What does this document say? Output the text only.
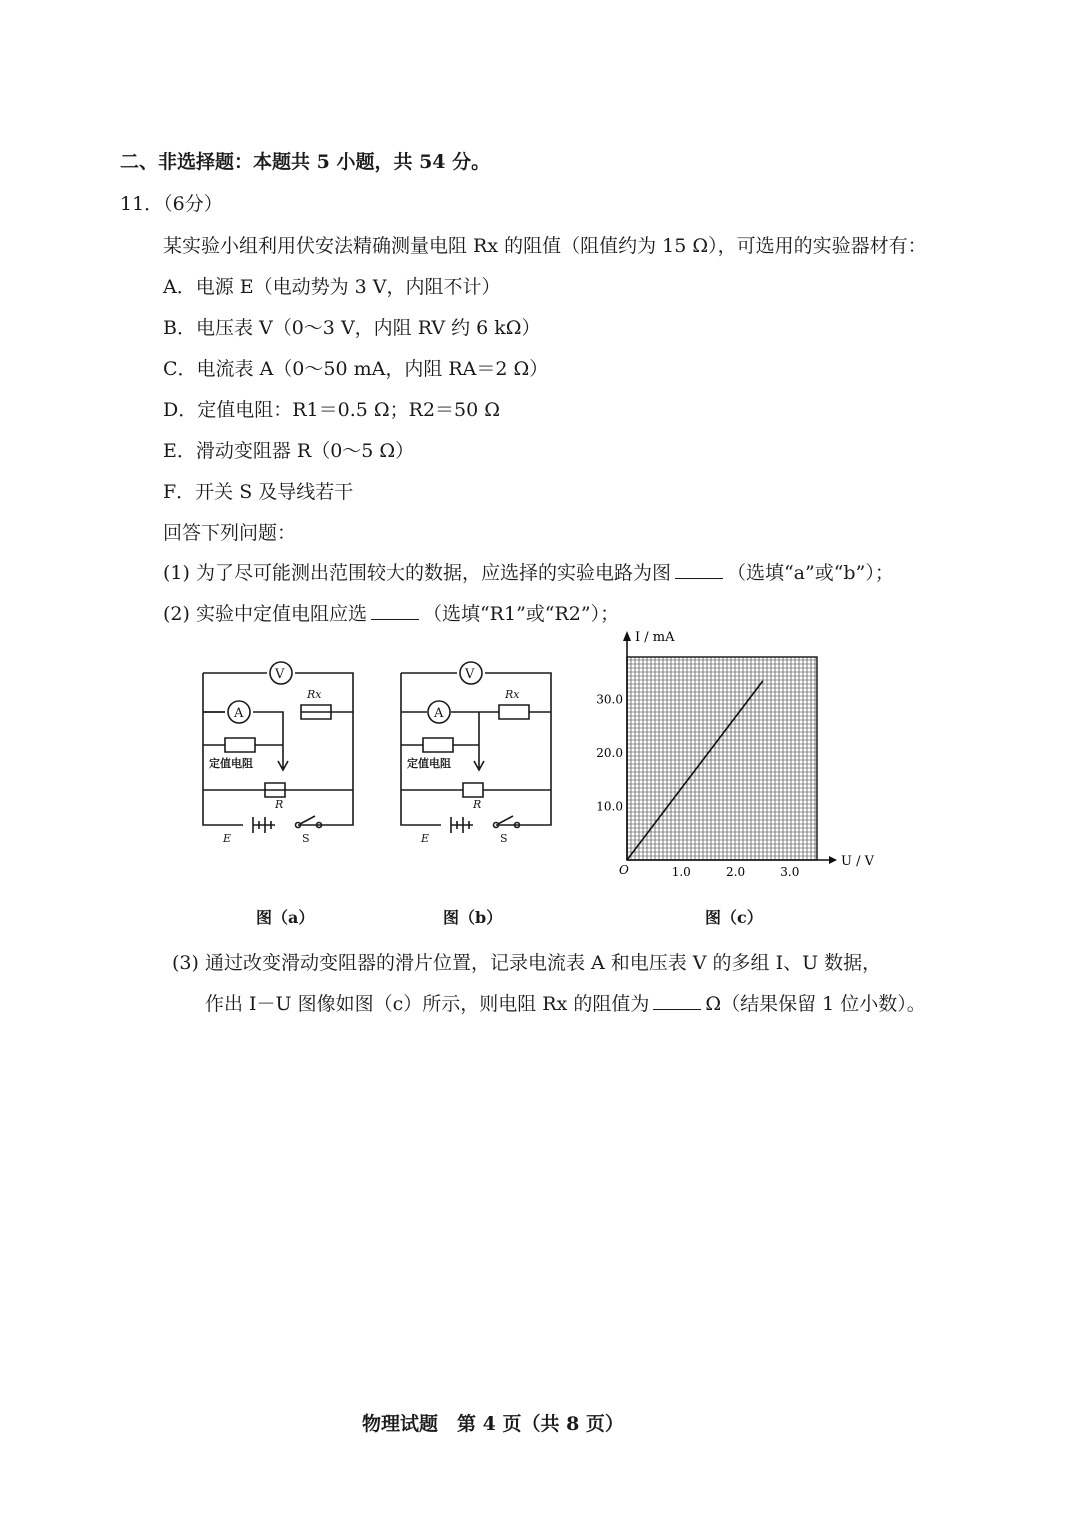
二、非选择题：本题共 5 小题，共 54 分。
11．（6分）
某实验小组利用伏安法精确测量电阻 Rx 的阻值（阻值约为 15 Ω），可选用的实验器材有：
A．电源 E（电动势为 3 V，内阻不计）
B．电压表 V（0～3 V，内阻 RV 约 6 kΩ）
C．电流表 A（0～50 mA，内阻 RA＝2 Ω）
D．定值电阻：R1＝0.5 Ω；R2＝50 Ω
E．滑动变阻器 R（0～5 Ω）
F．开关 S 及导线若干
回答下列问题：
(1) 为了尽可能测出范围较大的数据，应选择的实验电路为图	（选填“a”或“b”）；
(2) 实验中定值电阻应选	（选填“R1”或“R2”）；
V
A
Rx
定值电阻
R
E	S
V
A
Rx
定值电阻
R
E	S
U / V
I / mA
O	1.0	2.0	3.0
10.0
20.0
30.0
图（a）	图（b）	图（c）
(3) 通过改变滑动变阻器的滑片位置，记录电流表 A 和电压表 V 的多组 I、U 数据，
作出 I－U 图像如图（c）所示，则电阻 Rx 的阻值为	Ω（结果保留 1 位小数）。
物理试题　第 4 页（共 8 页）
